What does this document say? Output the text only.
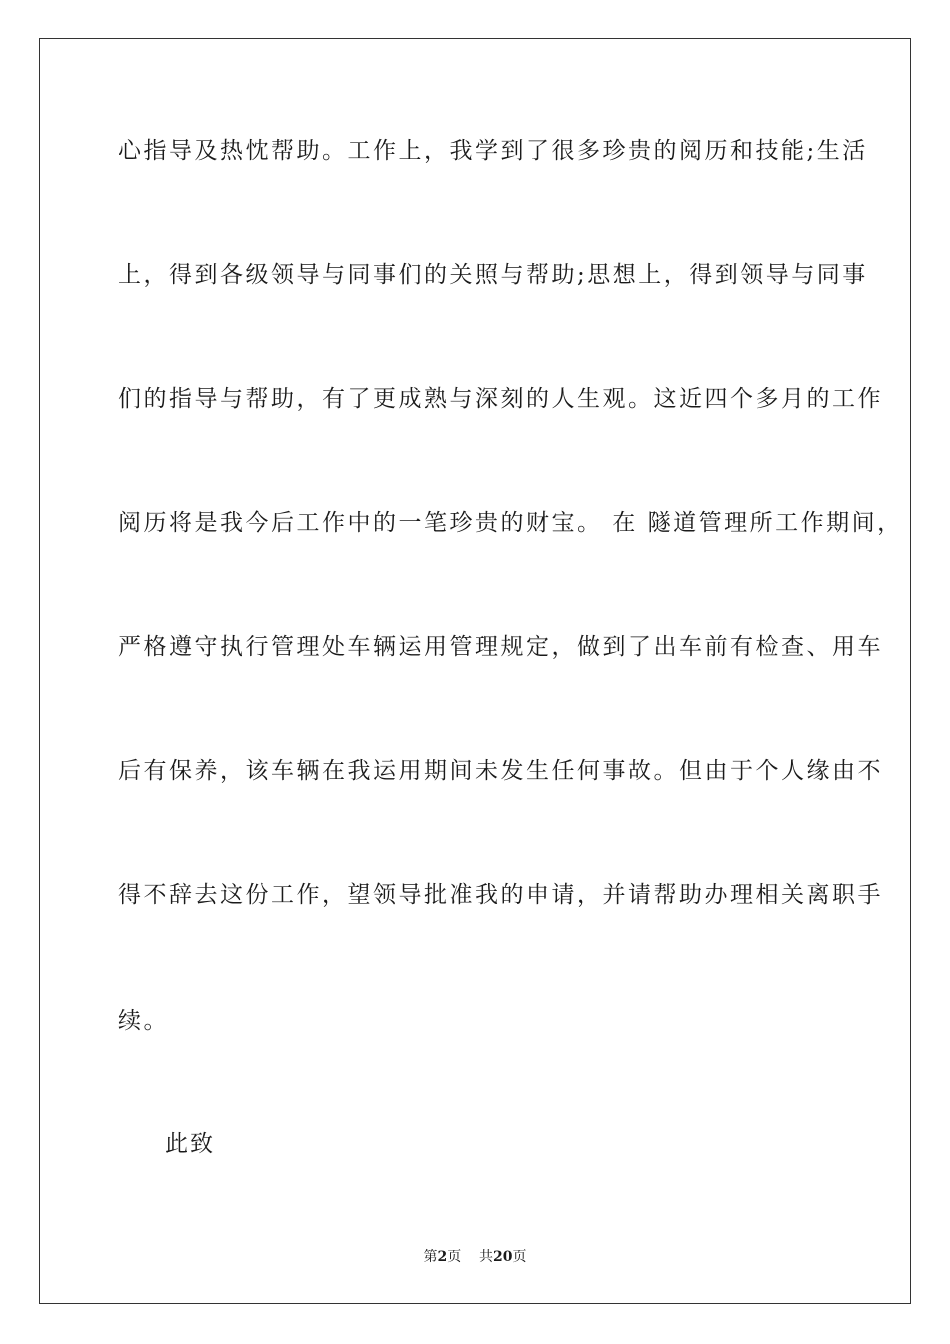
心指导及热忱帮助。工作上，我学到了很多珍贵的阅历和技能;生活
上，得到各级领导与同事们的关照与帮助;思想上，得到领导与同事
们的指导与帮助，有了更成熟与深刻的人生观。这近四个多月的工作
阅历将是我今后工作中的一笔珍贵的财宝。 在 隧道管理所工作期间，
严格遵守执行管理处车辆运用管理规定，做到了出车前有检查、用车
后有保养，该车辆在我运用期间未发生任何事故。但由于个人缘由不
得不辞去这份工作，望领导批准我的申请，并请帮助办理相关离职手
续。
此致
第2页    共20页
